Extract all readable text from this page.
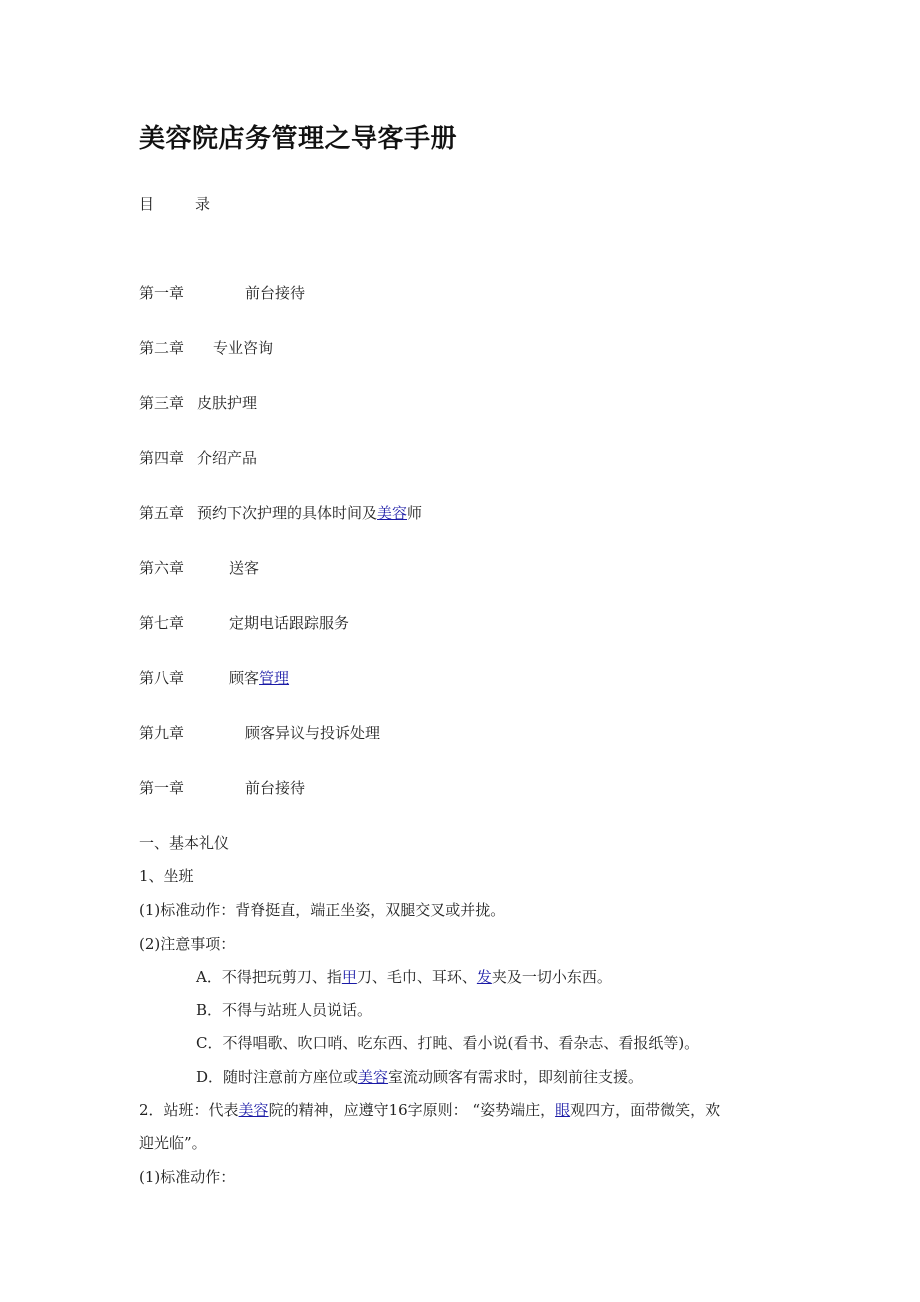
美容院店务管理之导客手册
目	录
第一章	前台接待
第二章 专业咨询
第三章 皮肤护理
第四章 介绍产品
第五章 预约下次护理的具体时间及美容师
第六章	送客
第七章	定期电话跟踪服务
第八章	顾客管理
第九章	顾客异议与投诉处理
第一章	前台接待
一、基本礼仪
1、坐班
(1)标准动作：背脊挺直，端正坐姿，双腿交叉或并拢。
(2)注意事项：
A．不得把玩剪刀、指甲刀、毛巾、耳环、发夹及一切小东西。
B．不得与站班人员说话。
C．不得唱歌、吹口哨、吃东西、打盹、看小说(看书、看杂志、看报纸等)。
D．随时注意前方座位或美容室流动顾客有需求时，即刻前往支援。
2．站班：代表美容院的精神，应遵守16字原则： “姿势端庄，眼观四方，面带微笑，欢
迎光临”。
(1)标准动作：
